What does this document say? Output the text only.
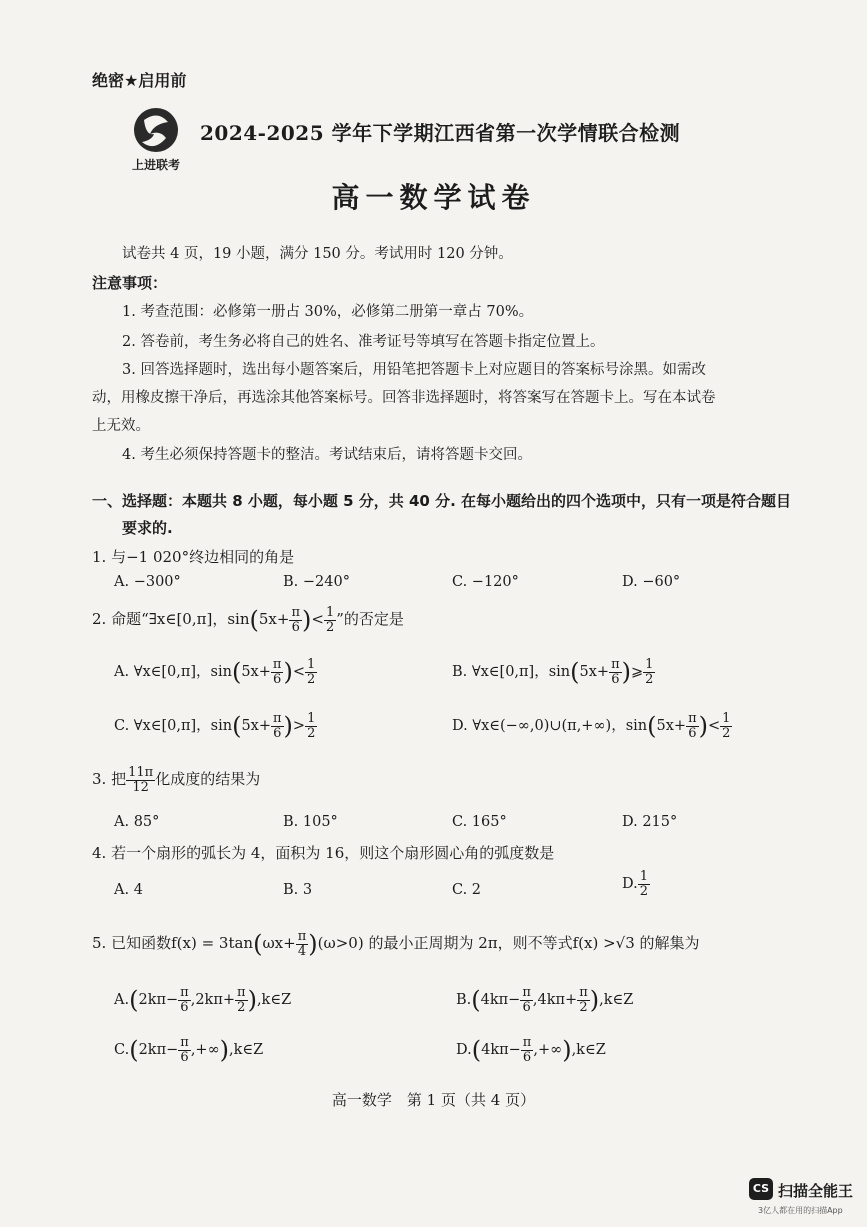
绝密★启用前
上进联考
2024-2025 学年下学期江西省第一次学情联合检测
高一数学试卷
试卷共 4 页，19 小题，满分 150 分。考试用时 120 分钟。
注意事项：
1. 考查范围：必修第一册占 30%，必修第二册第一章占 70%。
2. 答卷前，考生务必将自己的姓名、准考证号等填写在答题卡指定位置上。
3. 回答选择题时，选出每小题答案后，用铅笔把答题卡上对应题目的答案标号涂黑。如需改
动，用橡皮擦干净后，再选涂其他答案标号。回答非选择题时，将答案写在答题卡上。写在本试卷
上无效。
4. 考生必须保持答题卡的整洁。考试结束后，请将答题卡交回。
一、选择题：本题共 8 小题，每小题 5 分，共 40 分. 在每小题给出的四个选项中，只有一项是符合题目
要求的.
1. 与−1 020°终边相同的角是
A. −300°	B. −240°	C. −120°	D. −60°
2. 命题“∃x∈[0,π]，$\sin(5x+ \frac{\pi}{6}$ )< $\frac{1}{2}$ ”的否定是
A. ∀x∈[0,π]，$\sin(5x+ \frac{\pi}{6}$ )< $\frac{1}{2}$	B. ∀x∈[0,π]，$\sin(5x+ \frac{\pi}{6}$ )⩾ $\frac{1}{2}$
C. ∀x∈[0,π]，$\sin(5x+ \frac{\pi}{6}$ )> $\frac{1}{2}$	D. ∀x∈(−∞,0)∪(π,+∞)，$\sin(5x+ \frac{\pi}{6}$ )< $\frac{1}{2}$
3. 把 $\frac{11\pi}{12}$ 化成度的结果为
A. 85°	B. 105°	C. 165°	D. 215°
4. 若一个扇形的弧长为 4，面积为 16，则这个扇形圆心角的弧度数是
A. 4	B. 3	C. 2	D. $\frac{1}{2}$
5. 已知函数$f(x) = 3\tan(\omega x+ \frac{\pi}{4} )(\omega>0)$ 的最小正周期为 2π，则不等式f(x) >√3 的解集为
$A.(2k\pi- \frac{\pi}{6} ,2k\pi+ \frac{\pi}{2}$ ),k∈Z	$B.(4k\pi- \frac{\pi}{6} ,4k\pi+ \frac{\pi}{2}$ ),k∈Z
$C.(2k\pi- \frac{\pi}{6}$ ,+∞),k∈Z	$D.(4k\pi- \frac{\pi}{6}$ ,+∞),k∈Z
高一数学　第 1 页（共 4 页）
CS 扫描全能王
3亿人都在用的扫描App
